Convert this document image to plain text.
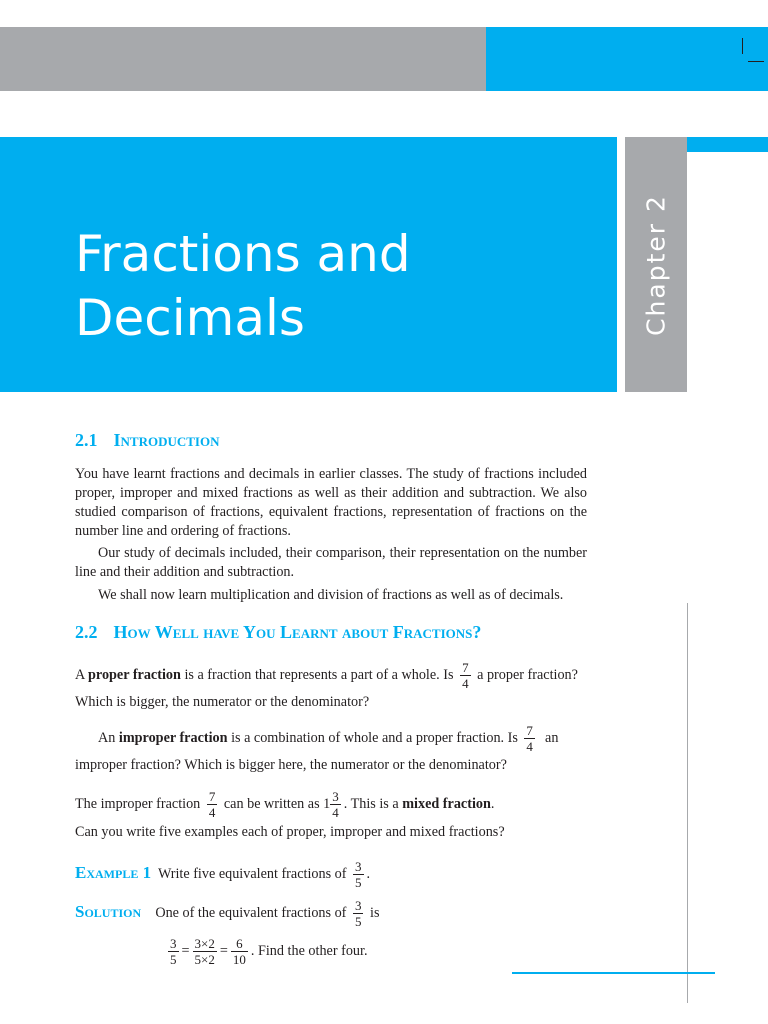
Chapter 2
Fractions and
Decimals
2.1 Introduction

You have learnt fractions and decimals in earlier classes. The study of fractions included proper, improper and mixed fractions as well as their addition and subtraction. We also studied comparison of fractions, equivalent fractions, representation of fractions on the number line and ordering of fractions.

Our study of decimals included, their comparison, their representation on the number line and their addition and subtraction.

We shall now learn multiplication and division of fractions as well as of decimals.

2.2 How Well have You Learnt about Fractions?
A proper fraction is a fraction that represents a part of a whole. Is $\frac{7}{4}$ a proper fraction?
Which is bigger, the numerator or the denominator?
An improper fraction is a combination of whole and a proper fraction. Is $\frac{7}{4}$ an
improper fraction? Which is bigger here, the numerator or the denominator?
The improper fraction $\frac{7}{4}$ can be written as $1 \frac{3}{4}$ . This is a mixed fraction.
Can you write five examples each of proper, improper and mixed fractions?
Example 1 Write five equivalent fractions of $\frac{3}{5}$ .
Solution One of the equivalent fractions of $\frac{3}{5}$ is
$\frac{3}{5} = \frac{3\times 2}{5\times 2} = \frac{6}{10}$ . Find the other four.
